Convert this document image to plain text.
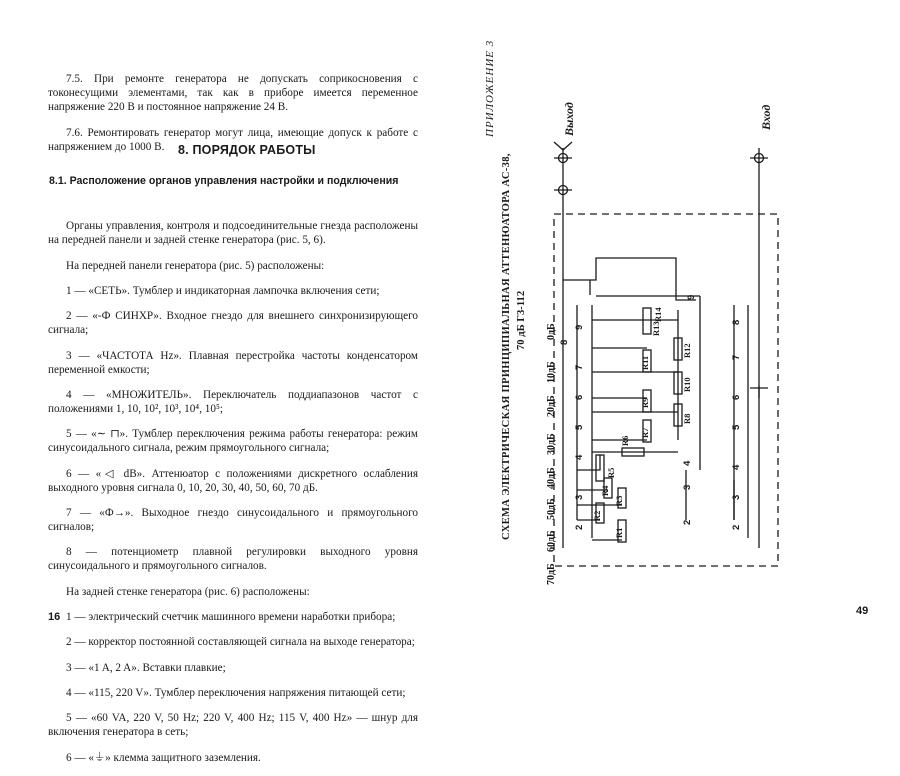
7.5. При ремонте генератора не допускать соприкосновения с токонесущими элементами, так как в приборе имеется переменное напряжение 220 В и постоянное напряжение 24 В.

7.6. Ремонтировать генератор могут лица, имеющие допуск к работе с напряжением до 1000 В.	8. ПОРЯДОК РАБОТЫ
8.1. Расположение органов управления настройки и подключения

Органы управления, контроля и подсоединительные гнезда расположены на передней панели и задней стенке генератора (рис. 5, 6).

На передней панели генератора (рис. 5) расположены:

1 — «СЕТЬ». Тумблер и индикаторная лампочка включения сети;

2 — «-Ф СИНХР». Входное гнездо для внешнего синхронизирующего сигнала;

3 — «ЧАСТОТА Hz». Плавная перестройка частоты конденсатором переменной емкости;

4 — «МНОЖИТЕЛЬ». Переключатель поддиапазонов частот с положениями 1, 10, 10², 10³, 10⁴, 10⁵;

5 — «∼ ⊓». Тумблер переключения режима работы генератора: режим синусоидального сигнала, режим прямоугольного сигнала;

6 — «◁ dB». Аттенюатор с положениями дискретного ослабления выходного уровня сигнала 0, 10, 20, 30, 40, 50, 60, 70 дБ.

7 — «Ф→». Выходное гнездо синусоидального и прямоугольного сигналов;

8 — потенциометр плавной регулировки выходного уровня синусоидального и прямоугольного сигналов.

На задней стенке генератора (рис. 6) расположены:

1 — электрический счетчик машинного времени наработки прибора;

2 — корректор постоянной составляющей сигнала на выходе генератора;

3 — «1 A, 2 A». Вставки плавкие;

4 — «115, 220 V». Тумблер переключения напряжения питающей сети;

5 — «60 VA, 220 V, 50 Hz; 220 V, 400 Hz; 115 V, 400 Hz» — шнур для включения генератора в сеть;

6 — «⏚» клемма защитного заземления.

16
ПРИЛОЖЕНИЕ 3
СХЕМА ЭЛЕКТРИЧЕСКАЯ ПРИНЦИПИАЛЬНАЯ АТТЕНЮАТОРА АС-38, 70 дБ Г3-112	8
9
7
6
5
4
3
2
9
8
7
6
5
4
3
2
4
3
2
0дБ
10дБ
20дБ
30дБ
40дБ
50дБ
60дБ
70дБ
R1
R2
R3
R4
R5
R6
R7
R8
R9
R10
R11
R12
R13
R14
Выход	Вход
49
